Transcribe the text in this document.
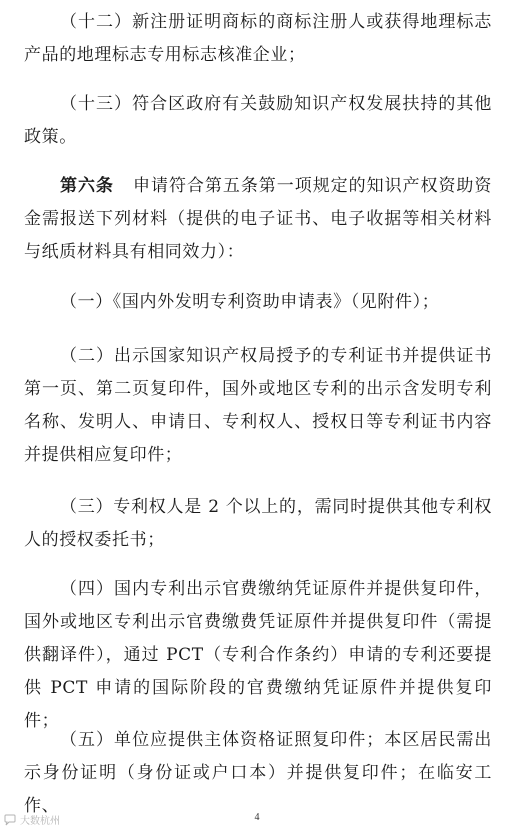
（十二）新注册证明商标的商标注册人或获得地理标志产品的地理标志专用标志核准企业；

（十三）符合区政府有关鼓励知识产权发展扶持的其他政策。

第六条 申请符合第五条第一项规定的知识产权资助资金需报送下列材料（提供的电子证书、电子收据等相关材料与纸质材料具有相同效力）：

（一）《国内外发明专利资助申请表》（见附件）；

（二）出示国家知识产权局授予的专利证书并提供证书第一页、第二页复印件，国外或地区专利的出示含发明专利名称、发明人、申请日、专利权人、授权日等专利证书内容并提供相应复印件；

（三）专利权人是 2 个以上的，需同时提供其他专利权人的授权委托书；

（四）国内专利出示官费缴纳凭证原件并提供复印件，国外或地区专利出示官费缴费凭证原件并提供复印件（需提供翻译件），通过 PCT（专利合作条约）申请的专利还要提供 PCT 申请的国际阶段的官费缴纳凭证原件并提供复印件；

（五）单位应提供主体资格证照复印件；本区居民需出示身份证明（身份证或户口本）并提供复印件；在临安工作、

大数杭州	4
